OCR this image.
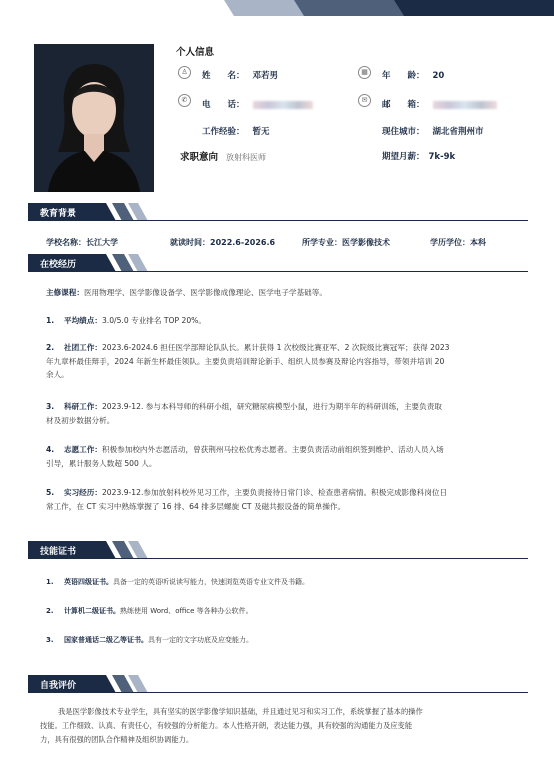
个人信息
♙	姓　　名： 邓若男	▦	年　　龄： 20
✆	电　　话：	✉	邮　　箱：
工作经验： 暂无	现住城市： 湖北省荆州市
求职意向 放射科医师	期望月薪： 7k-9k
教育背景
学校名称：长江大学	就读时间：2022.6-2026.6	所学专业：医学影像技术	学历学位：本科
在校经历
主修课程：医用物理学、医学影像设备学、医学影像成像理论、医学电子学基础等。
1. 平均绩点：3.0/5.0 专业排名 TOP 20%。
2. 社团工作：2023.6-2024.6 担任医学部辩论队队长。累计获得 1 次校级比赛亚军、2 次院级比赛冠军；获得 2023
年九章杯最佳辩手，2024 年新生杯最佳领队。主要负责培训辩论新手、组织人员参赛及辩论内容指导，带领并培训 20
余人。
3. 科研工作：2023.9-12. 参与本科导师的科研小组，研究糖尿病模型小鼠，进行为期半年的科研训练，主要负责取
材及初步数据分析。
4. 志愿工作：积极参加校内外志愿活动，曾获荆州马拉松优秀志愿者。主要负责活动前组织签到维护、活动人员入场
引导，累计服务人数超 500 人。
5. 实习经历：2023.9-12.参加放射科校外见习工作，主要负责接待日常门诊、检查患者病情。积极完成影像科岗位日
常工作，在 CT 实习中熟练掌握了 16 排、64 排多层螺旋 CT 及磁共振设备的简单操作。
技能证书
1. 英语四级证书。具备一定的英语听说读写能力，快速浏览英语专业文件及书籍。
2. 计算机二级证书。熟练使用 Word、office 等各种办公软件。
3. 国家普通话二级乙等证书。具有一定的文字功底及应变能力。
自我评价
我是医学影像技术专业学生，具有坚实的医学影像学知识基础，并且通过见习和实习工作，系统掌握了基本的操作
技能。工作细致、认真、有责任心，有较强的分析能力。本人性格开朗，表达能力强，具有较强的沟通能力及应变能
力，具有很强的团队合作精神及组织协调能力。
